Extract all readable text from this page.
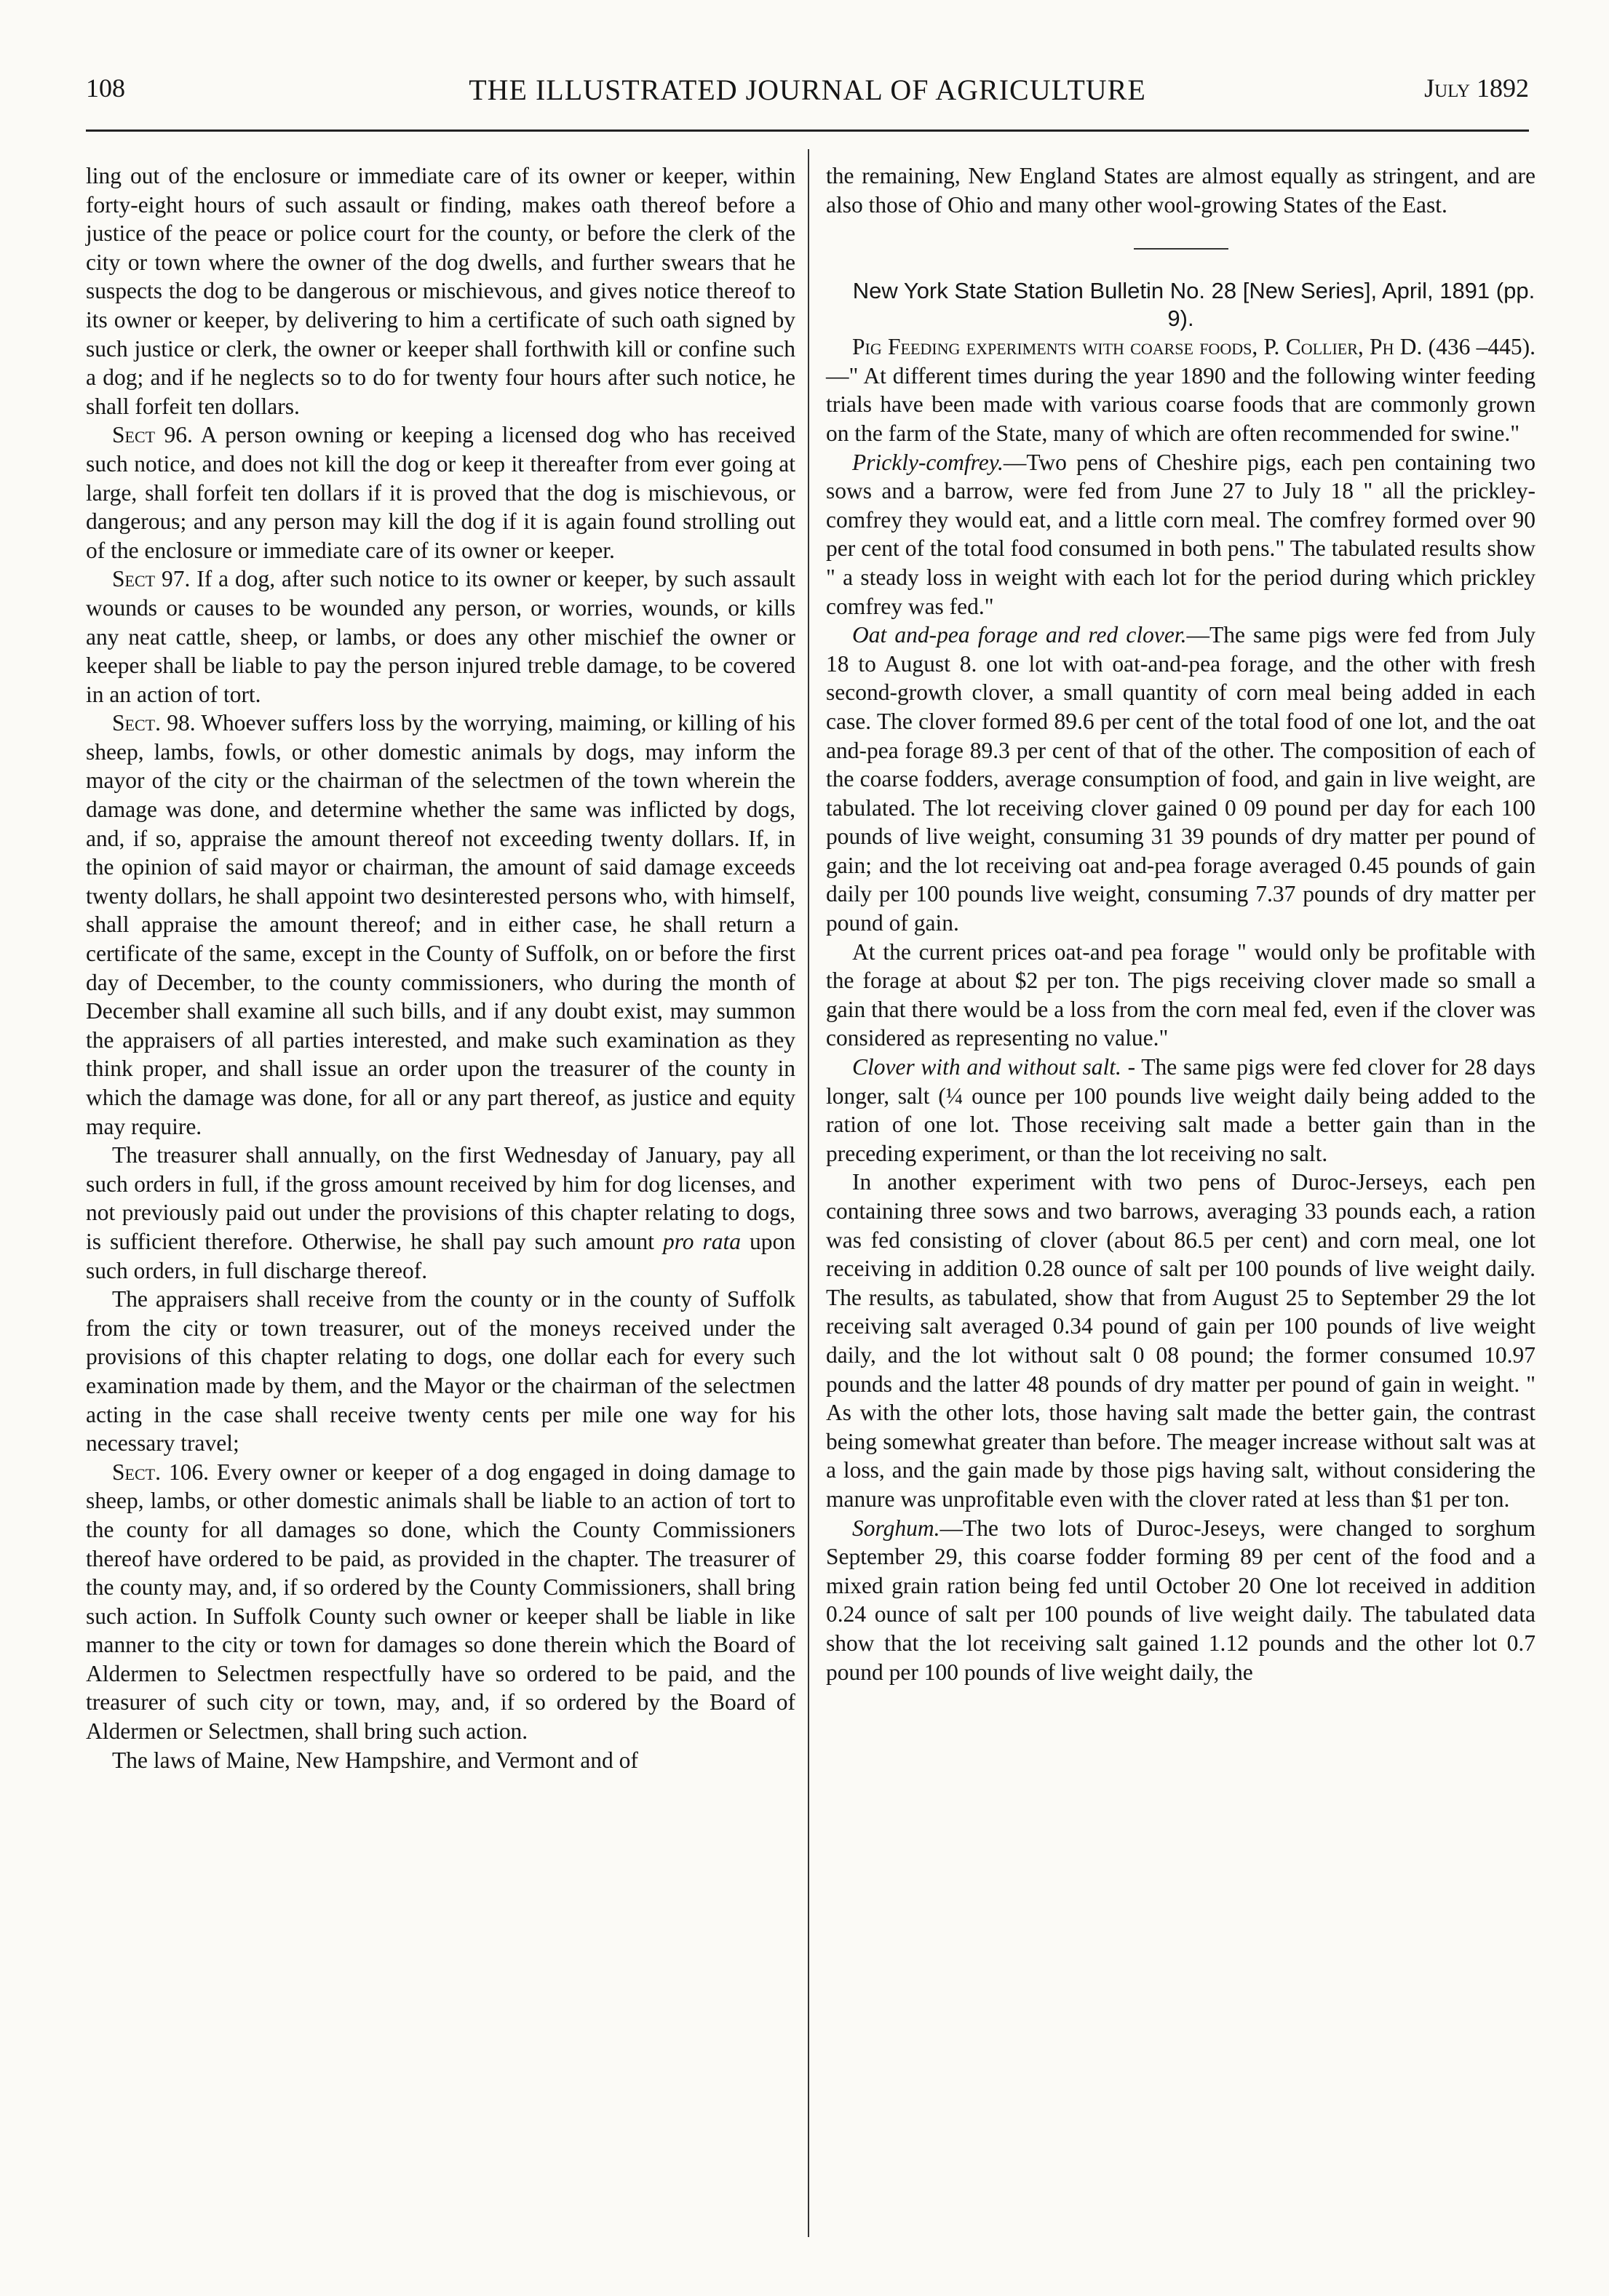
108	THE ILLUSTRATED JOURNAL OF AGRICULTURE	July 1892

ling out of the enclosure or immediate care of its owner or keeper, within forty-eight hours of such assault or finding, makes oath thereof before a justice of the peace or police court for the county, or before the clerk of the city or town where the owner of the dog dwells, and further swears that he suspects the dog to be dangerous or mischievous, and gives notice thereof to its owner or keeper, by delivering to him a certificate of such oath signed by such justice or clerk, the owner or keeper shall forthwith kill or confine such a dog; and if he neglects so to do for twenty four hours after such notice, he shall forfeit ten dollars.

Sect 96. A person owning or keeping a licensed dog who has received such notice, and does not kill the dog or keep it thereafter from ever going at large, shall forfeit ten dollars if it is proved that the dog is mischievous, or dangerous; and any person may kill the dog if it is again found strolling out of the enclosure or immediate care of its owner or keeper.

Sect 97. If a dog, after such notice to its owner or keeper, by such assault wounds or causes to be wounded any person, or worries, wounds, or kills any neat cattle, sheep, or lambs, or does any other mischief the owner or keeper shall be liable to pay the person injured treble damage, to be covered in an action of tort.

Sect. 98. Whoever suffers loss by the worrying, maiming, or killing of his sheep, lambs, fowls, or other domestic animals by dogs, may inform the mayor of the city or the chairman of the selectmen of the town wherein the damage was done, and determine whether the same was inflicted by dogs, and, if so, appraise the amount thereof not exceeding twenty dollars. If, in the opinion of said mayor or chairman, the amount of said damage exceeds twenty dollars, he shall appoint two desinterested persons who, with himself, shall appraise the amount thereof; and in either case, he shall return a certificate of the same, except in the County of Suffolk, on or before the first day of December, to the county commissioners, who during the month of December shall examine all such bills, and if any doubt exist, may summon the appraisers of all parties interested, and make such examination as they think proper, and shall issue an order upon the treasurer of the county in which the damage was done, for all or any part thereof, as justice and equity may require.

The treasurer shall annually, on the first Wednesday of January, pay all such orders in full, if the gross amount received by him for dog licenses, and not previously paid out under the provisions of this chapter relating to dogs, is sufficient therefore. Otherwise, he shall pay such amount pro rata upon such orders, in full discharge thereof.

The appraisers shall receive from the county or in the county of Suffolk from the city or town treasurer, out of the moneys received under the provisions of this chapter relating to dogs, one dollar each for every such examination made by them, and the Mayor or the chairman of the selectmen acting in the case shall receive twenty cents per mile one way for his necessary travel;

Sect. 106. Every owner or keeper of a dog engaged in doing damage to sheep, lambs, or other domestic animals shall be liable to an action of tort to the county for all damages so done, which the County Commissioners thereof have ordered to be paid, as provided in the chapter. The treasurer of the county may, and, if so ordered by the County Commissioners, shall bring such action. In Suffolk County such owner or keeper shall be liable in like manner to the city or town for damages so done therein which the Board of Aldermen to Selectmen respectfully have so ordered to be paid, and the treasurer of such city or town, may, and, if so ordered by the Board of Aldermen or Selectmen, shall bring such action.

The laws of Maine, New Hampshire, and Vermont and of

the remaining, New England States are almost equally as stringent, and are also those of Ohio and many other wool-growing States of the East.

New York State Station Bulletin No. 28 [New Series], April, 1891 (pp. 9).

Pig Feeding experiments with coarse foods, P. Collier, Ph D. (436 –445).—" At different times during the year 1890 and the following winter feeding trials have been made with various coarse foods that are commonly grown on the farm of the State, many of which are often recommended for swine."

Prickly-comfrey.—Two pens of Cheshire pigs, each pen containing two sows and a barrow, were fed from June 27 to July 18 " all the prickley-comfrey they would eat, and a little corn meal. The comfrey formed over 90 per cent of the total food consumed in both pens." The tabulated results show " a steady loss in weight with each lot for the period during which prickley comfrey was fed."

Oat and-pea forage and red clover.—The same pigs were fed from July 18 to August 8. one lot with oat-and-pea forage, and the other with fresh second-growth clover, a small quantity of corn meal being added in each case. The clover formed 89.6 per cent of the total food of one lot, and the oat and-pea forage 89.3 per cent of that of the other. The composition of each of the coarse fodders, average consumption of food, and gain in live weight, are tabulated. The lot receiving clover gained 0 09 pound per day for each 100 pounds of live weight, consuming 31 39 pounds of dry matter per pound of gain; and the lot receiving oat and-pea forage averaged 0.45 pounds of gain daily per 100 pounds live weight, consuming 7.37 pounds of dry matter per pound of gain.

At the current prices oat-and pea forage " would only be profitable with the forage at about $2 per ton. The pigs receiving clover made so small a gain that there would be a loss from the corn meal fed, even if the clover was considered as representing no value."

Clover with and without salt. - The same pigs were fed clover for 28 days longer, salt (¼ ounce per 100 pounds live weight daily being added to the ration of one lot. Those receiving salt made a better gain than in the preceding experiment, or than the lot receiving no salt.

In another experiment with two pens of Duroc-Jerseys, each pen containing three sows and two barrows, averaging 33 pounds each, a ration was fed consisting of clover (about 86.5 per cent) and corn meal, one lot receiving in addition 0.28 ounce of salt per 100 pounds of live weight daily. The results, as tabulated, show that from August 25 to September 29 the lot receiving salt averaged 0.34 pound of gain per 100 pounds of live weight daily, and the lot without salt 0 08 pound; the former consumed 10.97 pounds and the latter 48 pounds of dry matter per pound of gain in weight. " As with the other lots, those having salt made the better gain, the contrast being somewhat greater than before. The meager increase without salt was at a loss, and the gain made by those pigs having salt, without considering the manure was unprofitable even with the clover rated at less than $1 per ton.

Sorghum.—The two lots of Duroc-Jeseys, were changed to sorghum September 29, this coarse fodder forming 89 per cent of the food and a mixed grain ration being fed until October 20 One lot received in addition 0.24 ounce of salt per 100 pounds of live weight daily. The tabulated data show that the lot receiving salt gained 1.12 pounds and the other lot 0.7 pound per 100 pounds of live weight daily, the
